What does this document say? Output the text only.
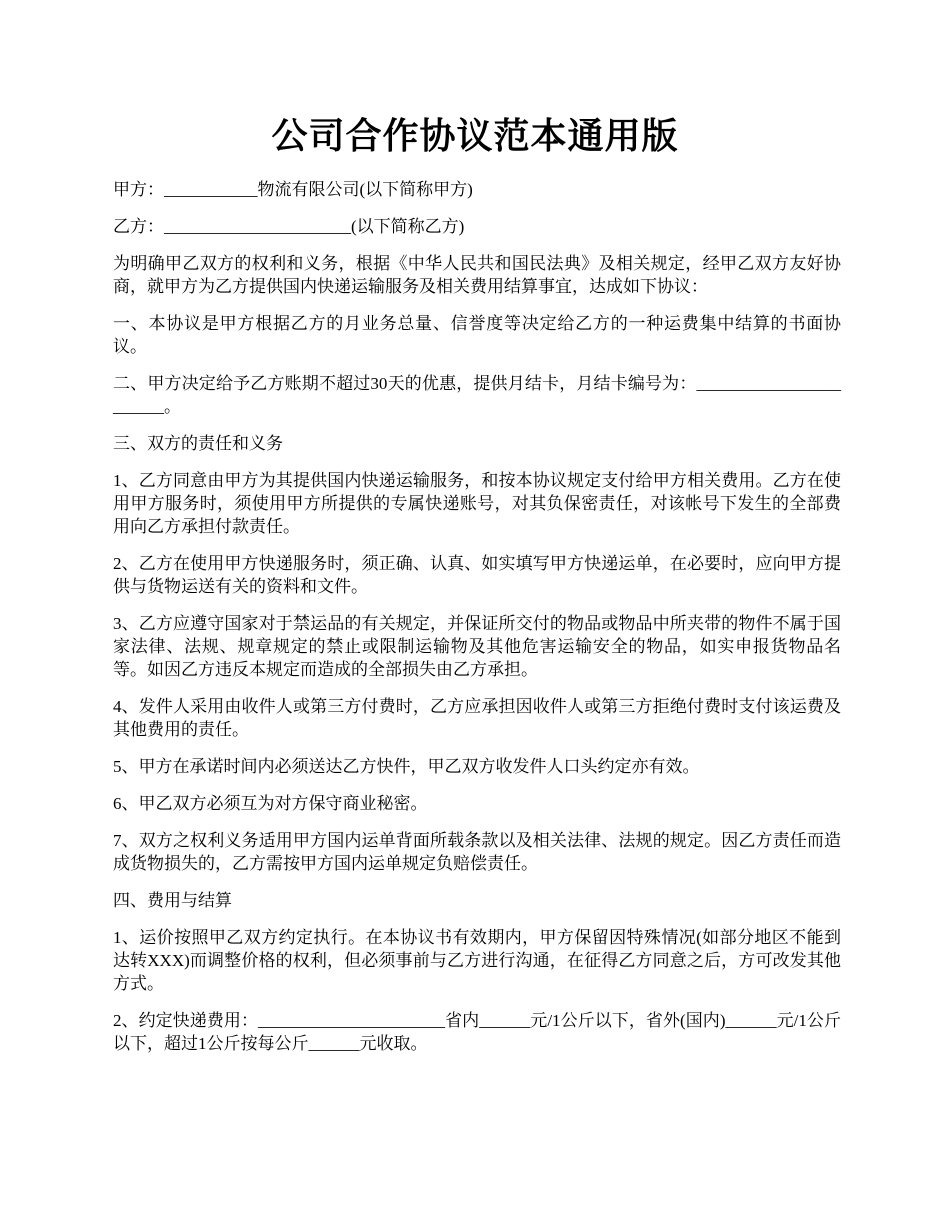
公司合作协议范本通用版

甲方：___________物流有限公司(以下简称甲方)

乙方：______________________(以下简称乙方)

为明确甲乙双方的权利和义务，根据《中华人民共和国民法典》及相关规定，经甲乙双方友好协商，就甲方为乙方提供国内快递运输服务及相关费用结算事宜，达成如下协议：

一、本协议是甲方根据乙方的月业务总量、信誉度等决定给乙方的一种运费集中结算的书面协议。

二、甲方决定给予乙方账期不超过30天的优惠，提供月结卡，月结卡编号为：_______________________。

三、双方的责任和义务

1、乙方同意由甲方为其提供国内快递运输服务，和按本协议规定支付给甲方相关费用。乙方在使用甲方服务时，须使用甲方所提供的专属快递账号，对其负保密责任，对该帐号下发生的全部费用向乙方承担付款责任。

2、乙方在使用甲方快递服务时，须正确、认真、如实填写甲方快递运单，在必要时，应向甲方提供与货物运送有关的资料和文件。

3、乙方应遵守国家对于禁运品的有关规定，并保证所交付的物品或物品中所夹带的物件不属于国家法律、法规、规章规定的禁止或限制运输物及其他危害运输安全的物品，如实申报货物品名等。如因乙方违反本规定而造成的全部损失由乙方承担。

4、发件人采用由收件人或第三方付费时，乙方应承担因收件人或第三方拒绝付费时支付该运费及其他费用的责任。

5、甲方在承诺时间内必须送达乙方快件，甲乙双方收发件人口头约定亦有效。

6、甲乙双方必须互为对方保守商业秘密。

7、双方之权利义务适用甲方国内运单背面所载条款以及相关法律、法规的规定。因乙方责任而造成货物损失的，乙方需按甲方国内运单规定负赔偿责任。

四、费用与结算

1、运价按照甲乙双方约定执行。在本协议书有效期内，甲方保留因特殊情况(如部分地区不能到达转XXX)而调整价格的权利，但必须事前与乙方进行沟通，在征得乙方同意之后，方可改发其他方式。

2、约定快递费用：______________________省内______元/1公斤以下，省外(国内)______元/1公斤以下，超过1公斤按每公斤______元收取。
